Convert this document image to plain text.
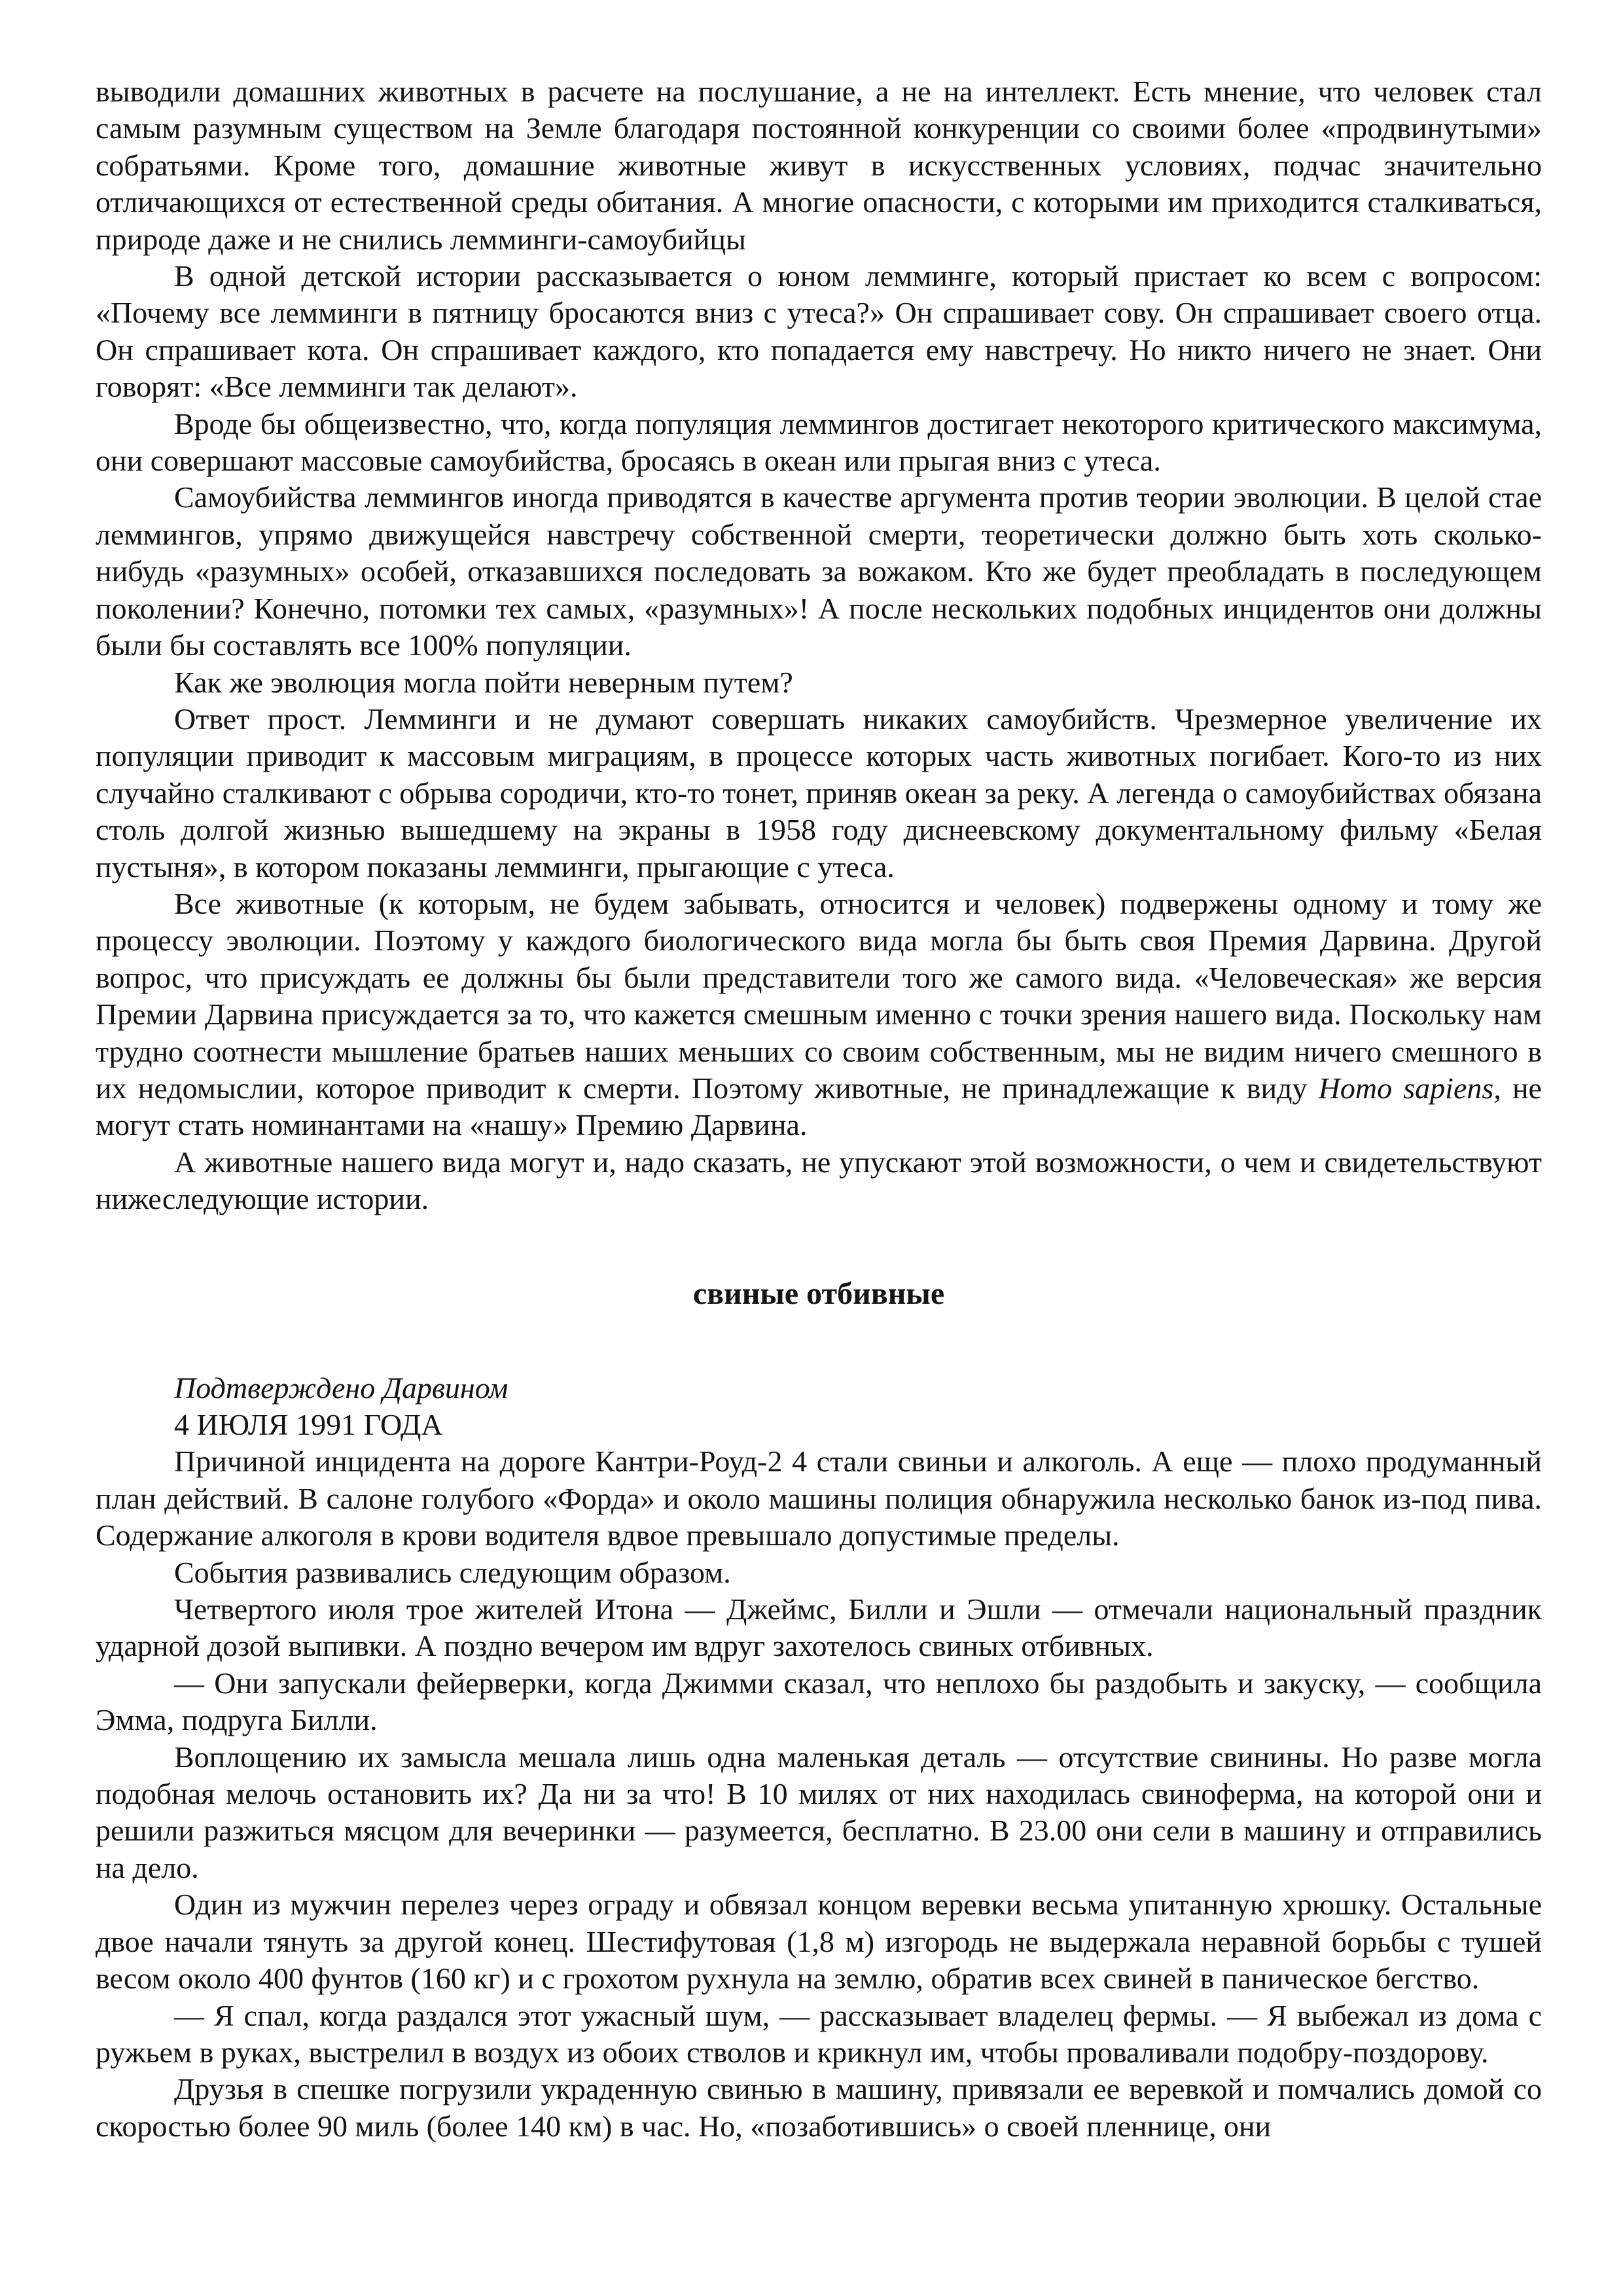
выводили домашних животных в расчете на послушание, а не на интеллект. Есть мнение, что человек стал самым разумным существом на Земле благодаря постоянной конкуренции со своими более «продвинутыми» собратьями. Кроме того, домашние животные живут в искусственных условиях, подчас значительно отличающихся от естественной среды обитания. А многие опасности, с которыми им приходится сталкиваться, природе даже и не снились лемминги-самоубийцы

В одной детской истории рассказывается о юном лемминге, который пристает ко всем с вопросом: «Почему все лемминги в пятницу бросаются вниз с утеса?» Он спрашивает сову. Он спрашивает своего отца. Он спрашивает кота. Он спрашивает каждого, кто попадается ему навстречу. Но никто ничего не знает. Они говорят: «Все лемминги так делают».

Вроде бы общеизвестно, что, когда популяция леммингов достигает некоторого критического максимума, они совершают массовые самоубийства, бросаясь в океан или прыгая вниз с утеса.

Самоубийства леммингов иногда приводятся в качестве аргумента против теории эволюции. В целой стае леммингов, упрямо движущейся навстречу собственной смерти, теоретически должно быть хоть сколько-нибудь «разумных» особей, отказавшихся последовать за вожаком. Кто же будет преобладать в последующем поколении? Конечно, потомки тех самых, «разумных»! А после нескольких подобных инцидентов они должны были бы составлять все 100% популяции.

Как же эволюция могла пойти неверным путем?

Ответ прост. Лемминги и не думают совершать никаких самоубийств. Чрезмерное увеличение их популяции приводит к массовым миграциям, в процессе которых часть животных погибает. Кого-то из них случайно сталкивают с обрыва сородичи, кто-то тонет, приняв океан за реку. А легенда о самоубийствах обязана столь долгой жизнью вышедшему на экраны в 1958 году диснеевскому документальному фильму «Белая пустыня», в котором показаны лемминги, прыгающие с утеса.

Все животные (к которым, не будем забывать, относится и человек) подвержены одному и тому же процессу эволюции. Поэтому у каждого биологического вида могла бы быть своя Премия Дарвина. Другой вопрос, что присуждать ее должны бы были представители того же самого вида. «Человеческая» же версия Премии Дарвина присуждается за то, что кажется смешным именно с точки зрения нашего вида. Поскольку нам трудно соотнести мышление братьев наших меньших со своим собственным, мы не видим ничего смешного в их недомыслии, которое приводит к смерти. Поэтому животные, не принадлежащие к виду Homo sapiens, не могут стать номинантами на «нашу» Премию Дарвина.

А животные нашего вида могут и, надо сказать, не упускают этой возможности, о чем и свидетельствуют нижеследующие истории.

свиные отбивные

Подтверждено Дарвином

4 ИЮЛЯ 1991 ГОДА

Причиной инцидента на дороге Кантри-Роуд-2 4 стали свиньи и алкоголь. А еще — плохо продуманный план действий. В салоне голубого «Форда» и около машины полиция обнаружила несколько банок из-под пива. Содержание алкоголя в крови водителя вдвое превышало допустимые пределы.

События развивались следующим образом.

Четвертого июля трое жителей Итона — Джеймс, Билли и Эшли — отмечали национальный праздник ударной дозой выпивки. А поздно вечером им вдруг захотелось свиных отбивных.

— Они запускали фейерверки, когда Джимми сказал, что неплохо бы раздобыть и закуску, — сообщила Эмма, подруга Билли.

Воплощению их замысла мешала лишь одна маленькая деталь — отсутствие свинины. Но разве могла подобная мелочь остановить их? Да ни за что! В 10 милях от них находилась свиноферма, на которой они и решили разжиться мясцом для вечеринки — разумеется, бесплатно. В 23.00 они сели в машину и отправились на дело.

Один из мужчин перелез через ограду и обвязал концом веревки весьма упитанную хрюшку. Остальные двое начали тянуть за другой конец. Шестифутовая (1,8 м) изгородь не выдержала неравной борьбы с тушей весом около 400 фунтов (160 кг) и с грохотом рухнула на землю, обратив всех свиней в паническое бегство.

— Я спал, когда раздался этот ужасный шум, — рассказывает владелец фермы. — Я выбежал из дома с ружьем в руках, выстрелил в воздух из обоих стволов и крикнул им, чтобы проваливали подобру-поздорову.

Друзья в спешке погрузили украденную свинью в машину, привязали ее веревкой и помчались домой со скоростью более 90 миль (более 140 км) в час. Но, «позаботившись» о своей пленнице, они
